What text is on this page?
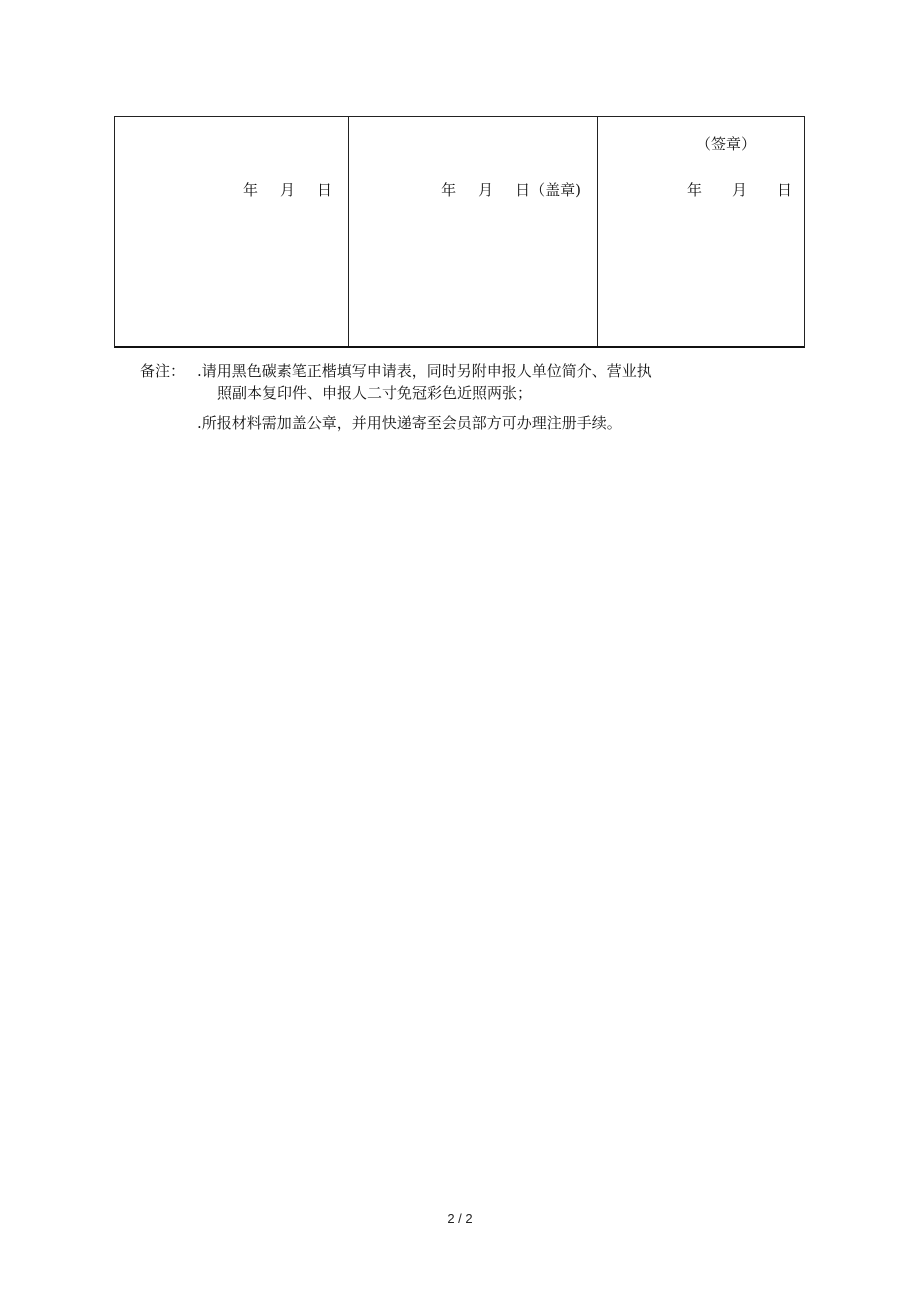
年 月 日	年 月 日（盖章)
（签章）
年 月 日
备注： .请用黑色碳素笔正楷填写申请表，同时另附申报人单位简介、营业执
照副本复印件、申报人二寸免冠彩色近照两张；
.所报材料需加盖公章，并用快递寄至会员部方可办理注册手续。
2 / 2
